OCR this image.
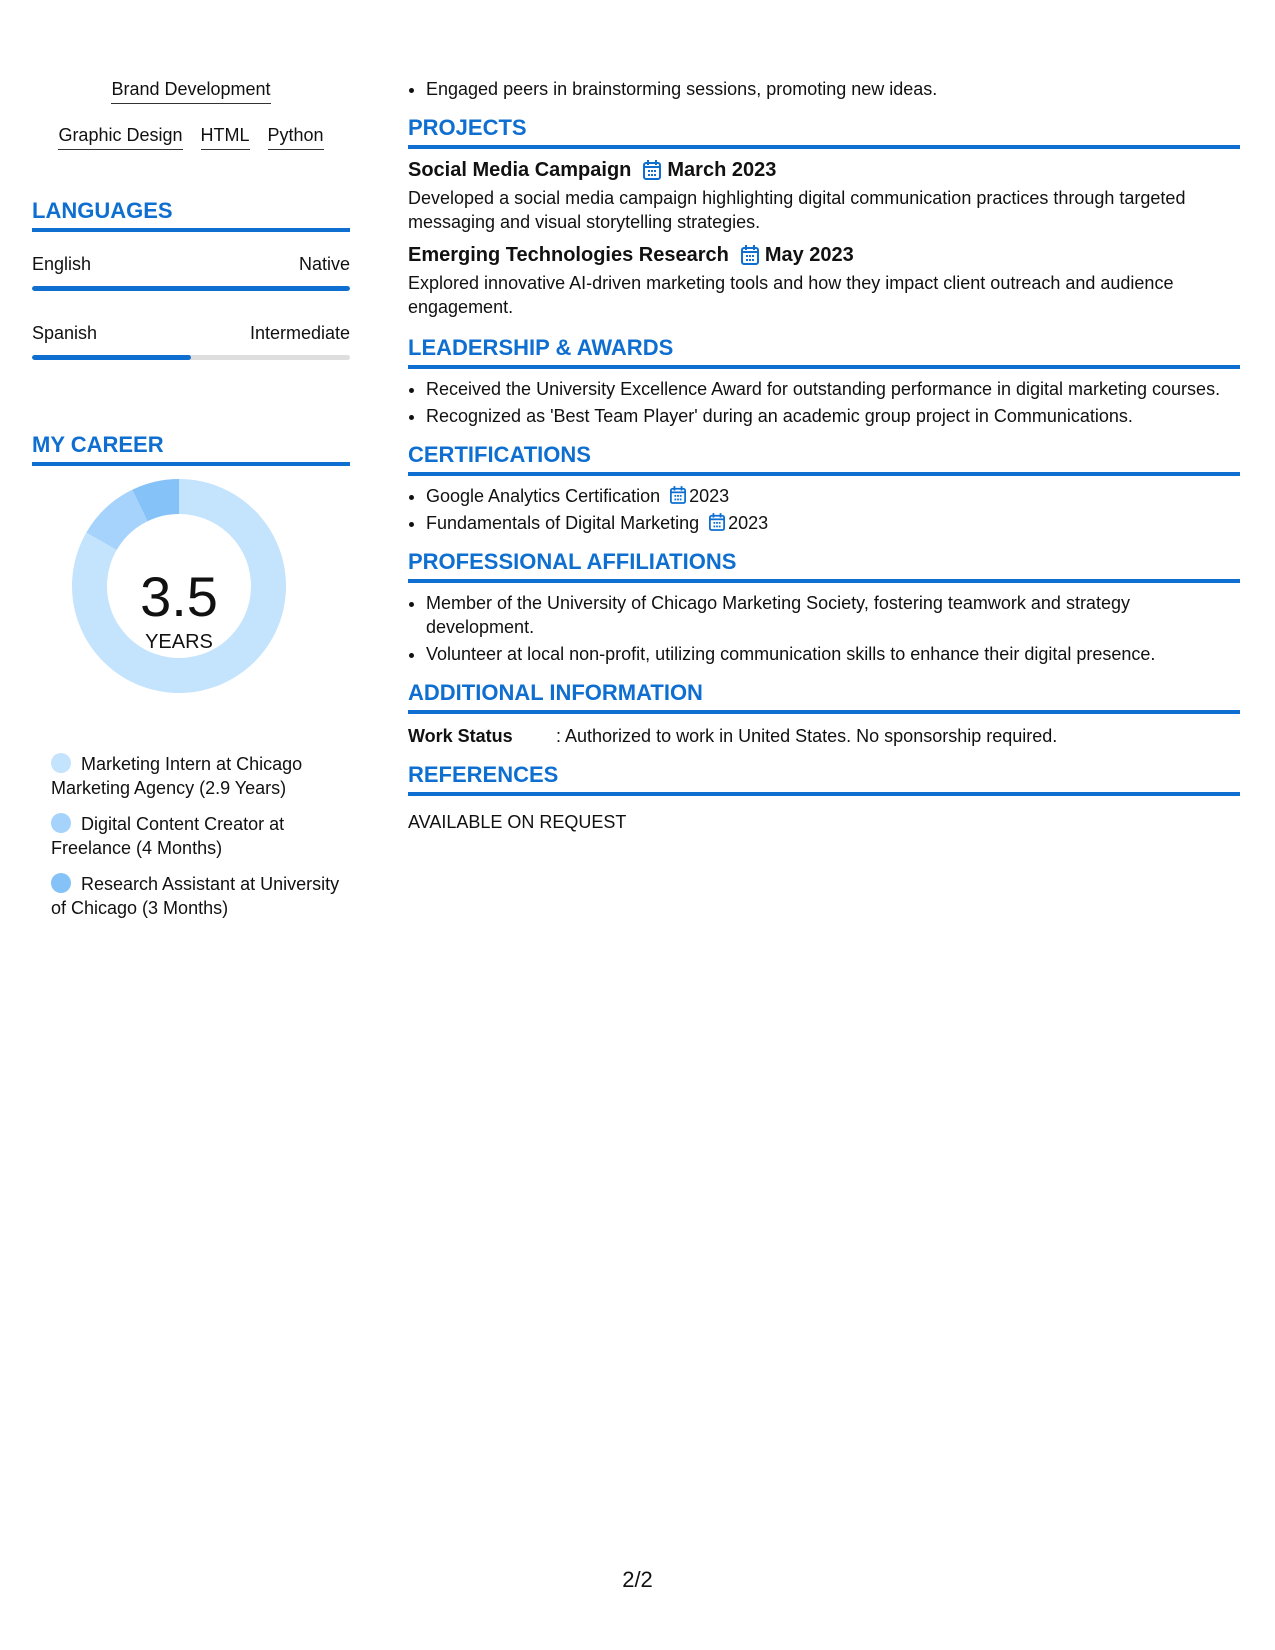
Brand Development
Graphic Design HTML Python
LANGUAGES
English	Native
Spanish	Intermediate
MY CAREER
3.5
YEARS
Marketing Intern at Chicago Marketing Agency (2.9 Years)
Digital Content Creator at Freelance (4 Months)
Research Assistant at University of Chicago (3 Months)
• Engaged peers in brainstorming sessions, promoting new ideas.
PROJECTS
Social Media Campaign March 2023
Developed a social media campaign highlighting digital communication practices through targeted messaging and visual storytelling strategies.
Emerging Technologies Research May 2023
Explored innovative AI-driven marketing tools and how they impact client outreach and audience engagement.
LEADERSHIP & AWARDS
• Received the University Excellence Award for outstanding performance in digital marketing courses.
• Recognized as 'Best Team Player' during an academic group project in Communications.
CERTIFICATIONS
• Google Analytics Certification 2023
• Fundamentals of Digital Marketing 2023
PROFESSIONAL AFFILIATIONS
• Member of the University of Chicago Marketing Society, fostering teamwork and strategy development.
• Volunteer at local non-profit, utilizing communication skills to enhance their digital presence.
ADDITIONAL INFORMATION
Work Status	: Authorized to work in United States. No sponsorship required.
REFERENCES
AVAILABLE ON REQUEST
2/2
